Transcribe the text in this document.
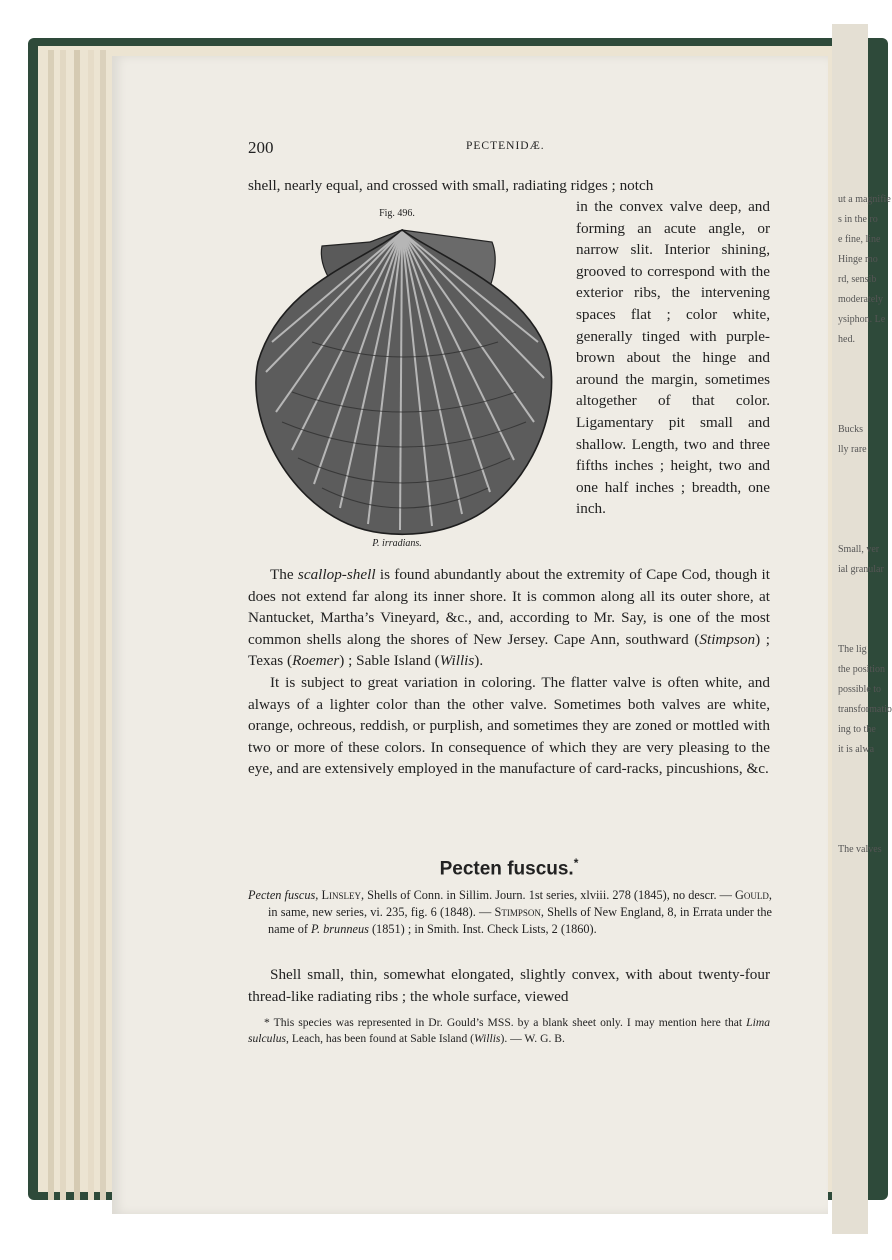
ut a magnifie
s in the ro
e fine, line
Hinge mo
rd, sensib
moderately
ysiphon. Le
hed.
Bucks
lly rare
Small, ver
ial granular
The lig
the position
possible to
transformatio
ing to the
it is alwa
The valves
200	PECTENIDÆ.
shell, nearly equal, and crossed with small, radiating ridges ; notch

in the convex valve deep, and forming an acute angle, or narrow slit. Interior shining, grooved to correspond with the exterior ribs, the intervening spaces flat ; color white, generally tinged with purple-brown about the hinge and around the margin, sometimes altogether of that color. Ligamentary pit small and shallow. Length, two and three fifths inches ; height, two and one half inches ; breadth, one inch.

Fig. 496.
P. irradians.

The scallop-shell is found abundantly about the extremity of Cape Cod, though it does not extend far along its inner shore. It is common along all its outer shore, at Nantucket, Martha’s Vineyard, &c., and, according to Mr. Say, is one of the most common shells along the shores of New Jersey. Cape Ann, southward (Stimpson) ; Texas (Roemer) ; Sable Island (Willis).

It is subject to great variation in coloring. The flatter valve is often white, and always of a lighter color than the other valve. Sometimes both valves are white, orange, ochreous, reddish, or purplish, and sometimes they are zoned or mottled with two or more of these colors. In consequence of which they are very pleasing to the eye, and are extensively employed in the manufacture of card-racks, pincushions, &c.

Pecten fuscus.*
Pecten fuscus, Linsley, Shells of Conn. in Sillim. Journ. 1st series, xlviii. 278 (1845), no descr. — Gould, in same, new series, vi. 235, fig. 6 (1848). — Stimpson, Shells of New England, 8, in Errata under the name of P. brunneus (1851) ; in Smith. Inst. Check Lists, 2 (1860).

Shell small, thin, somewhat elongated, slightly convex, with about twenty-four thread-like radiating ribs ; the whole surface, viewed

* This species was represented in Dr. Gould’s MSS. by a blank sheet only. I may mention here that Lima sulculus, Leach, has been found at Sable Island (Willis). — W. G. B.
